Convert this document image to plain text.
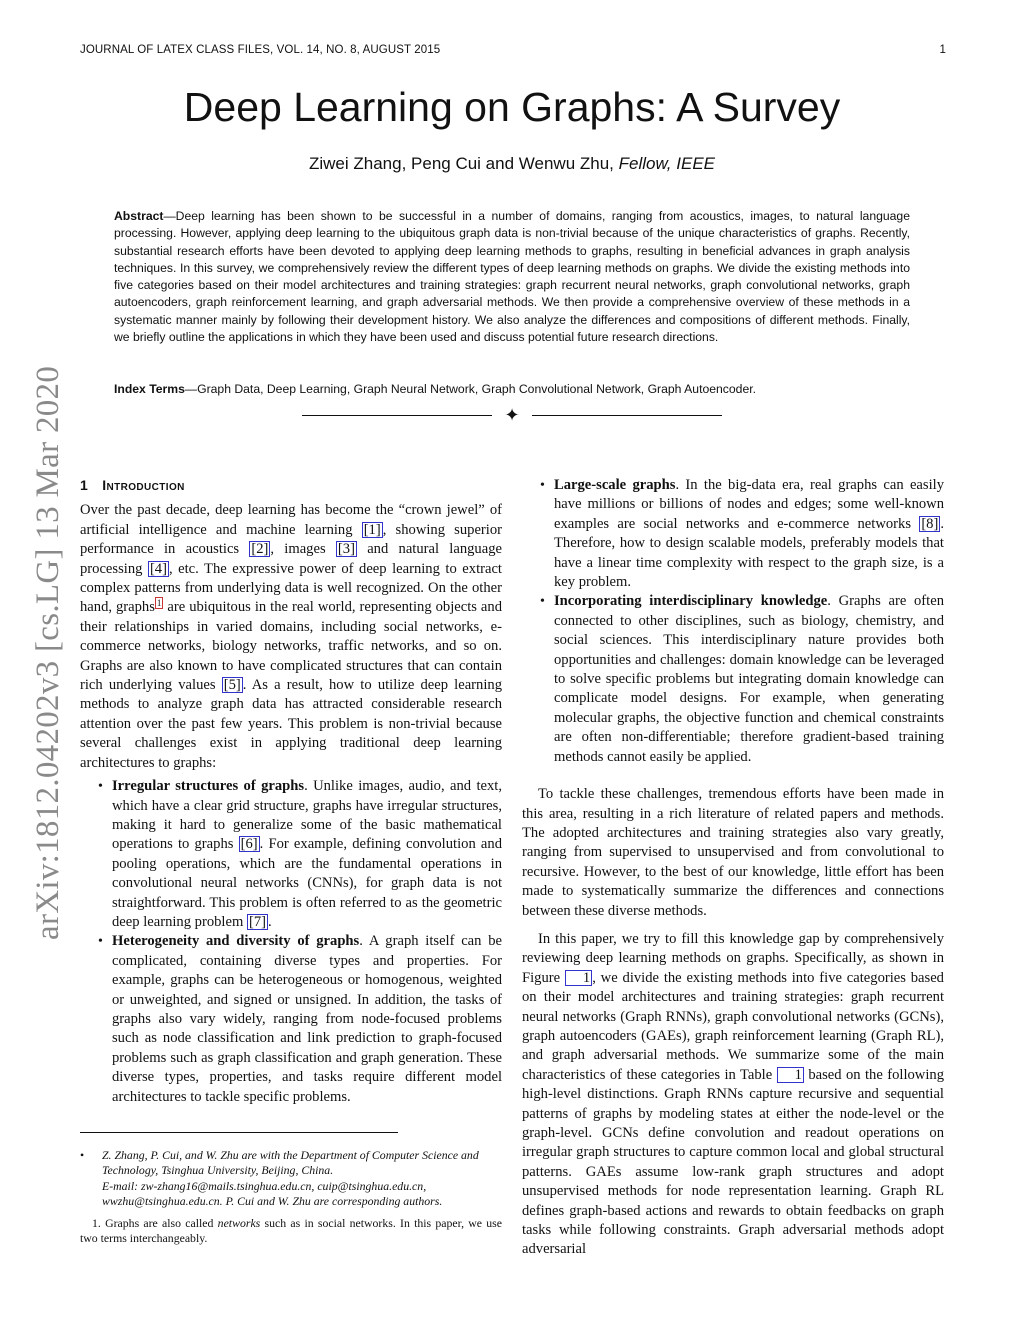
JOURNAL OF LATEX CLASS FILES, VOL. 14, NO. 8, AUGUST 2015	1
Deep Learning on Graphs: A Survey
Ziwei Zhang, Peng Cui and Wenwu Zhu, Fellow, IEEE
Abstract—Deep learning has been shown to be successful in a number of domains, ranging from acoustics, images, to natural language processing. However, applying deep learning to the ubiquitous graph data is non-trivial because of the unique characteristics of graphs. Recently, substantial research efforts have been devoted to applying deep learning methods to graphs, resulting in beneficial advances in graph analysis techniques. In this survey, we comprehensively review the different types of deep learning methods on graphs. We divide the existing methods into five categories based on their model architectures and training strategies: graph recurrent neural networks, graph convolutional networks, graph autoencoders, graph reinforcement learning, and graph adversarial methods. We then provide a comprehensive overview of these methods in a systematic manner mainly by following their development history. We also analyze the differences and compositions of different methods. Finally, we briefly outline the applications in which they have been used and discuss potential future research directions.
Index Terms—Graph Data, Deep Learning, Graph Neural Network, Graph Convolutional Network, Graph Autoencoder.
✦
arXiv:1812.04202v3 [cs.LG] 13 Mar 2020 1 Introduction

Over the past decade, deep learning has become the “crown jewel” of artificial intelligence and machine learning [1] , showing superior performance in acoustics [2] , images [3] and natural language processing [4] , etc. The expressive power of deep learning to extract complex patterns from underlying data is well recognized. On the other hand, graphs $^1$ are ubiquitous in the real world, representing objects and their relationships in varied domains, including social networks, e-commerce networks, biology networks, traffic networks, and so on. Graphs are also known to have complicated structures that can contain rich underlying values [5] . As a result, how to utilize deep learning methods to analyze graph data has attracted considerable research attention over the past few years. This problem is non-trivial because several challenges exist in applying traditional deep learning architectures to graphs:

• Irregular structures of graphs. Unlike images, audio, and text, which have a clear grid structure, graphs have irregular structures, making it hard to generalize some of the basic mathematical operations to graphs [6] . For example, defining convolution and pooling operations, which are the fundamental operations in convolutional neural networks (CNNs), for graph data is not straightforward. This problem is often referred to as the geometric deep learning problem [7] .
• Heterogeneity and diversity of graphs. A graph itself can be complicated, containing diverse types and properties. For example, graphs can be heterogeneous or homogenous, weighted or unweighted, and signed or unsigned. In addition, the tasks of graphs also vary widely, ranging from node-focused problems such as node classification and link prediction to graph-focused problems such as graph classification and graph generation. These diverse types, properties, and tasks require different model architectures to tackle specific problems.
• Z. Zhang, P. Cui, and W. Zhu are with the Department of Computer Science and Technology, Tsinghua University, Beijing, China.
E-mail: zw-zhang16@mails.tsinghua.edu.cn, cuip@tsinghua.edu.cn, wwzhu@tsinghua.edu.cn. P. Cui and W. Zhu are corresponding authors.
1. Graphs are also called networks such as in social networks. In this paper, we use two terms interchangeably.
• Large-scale graphs. In the big-data era, real graphs can easily have millions or billions of nodes and edges; some well-known examples are social networks and e-commerce networks [8] . Therefore, how to design scalable models, preferably models that have a linear time complexity with respect to the graph size, is a key problem.
• Incorporating interdisciplinary knowledge. Graphs are often connected to other disciplines, such as biology, chemistry, and social sciences. This interdisciplinary nature provides both opportunities and challenges: domain knowledge can be leveraged to solve specific problems but integrating domain knowledge can complicate model designs. For example, when generating molecular graphs, the objective function and chemical constraints are often non-differentiable; therefore gradient-based training methods cannot easily be applied.

To tackle these challenges, tremendous efforts have been made in this area, resulting in a rich literature of related papers and methods. The adopted architectures and training strategies also vary greatly, ranging from supervised to unsupervised and from convolutional to recursive. However, to the best of our knowledge, little effort has been made to systematically summarize the differences and connections between these diverse methods.

In this paper, we try to fill this knowledge gap by comprehensively reviewing deep learning methods on graphs. Specifically, as shown in Figure 1 , we divide the existing methods into five categories based on their model architectures and training strategies: graph recurrent neural networks (Graph RNNs), graph convolutional networks (GCNs), graph autoencoders (GAEs), graph reinforcement learning (Graph RL), and graph adversarial methods. We summarize some of the main characteristics of these categories in Table 1 based on the following high-level distinctions. Graph RNNs capture recursive and sequential patterns of graphs by modeling states at either the node-level or the graph-level. GCNs define convolution and readout operations on irregular graph structures to capture common local and global structural patterns. GAEs assume low-rank graph structures and adopt unsupervised methods for node representation learning. Graph RL defines graph-based actions and rewards to obtain feedbacks on graph tasks while following constraints. Graph adversarial methods adopt adversarial
